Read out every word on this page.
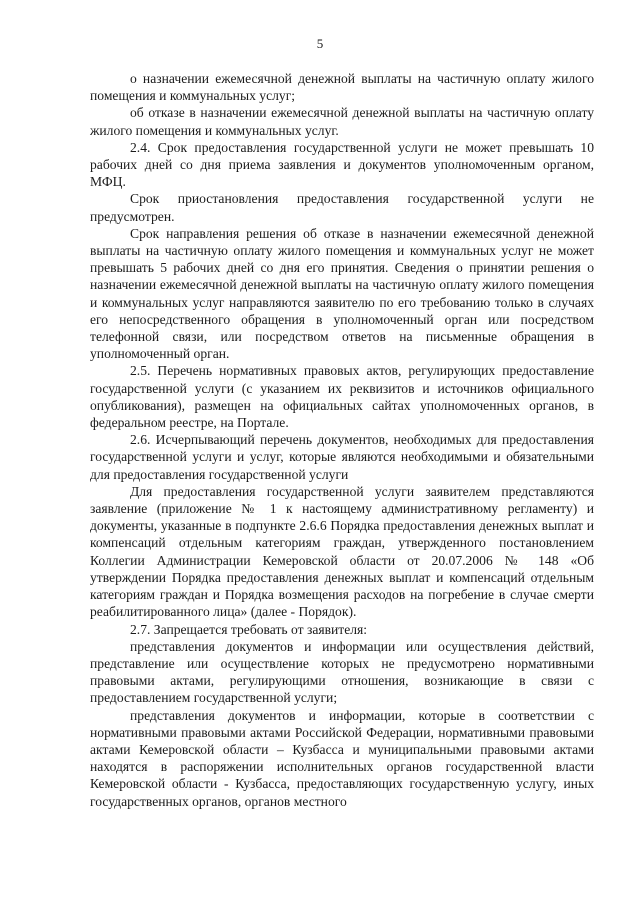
5

о назначении ежемесячной денежной выплаты на частичную оплату жилого помещения и коммунальных услуг;

об отказе в назначении ежемесячной денежной выплаты на частичную оплату жилого помещения и коммунальных услуг.

2.4. Срок предоставления государственной услуги не может превышать 10 рабочих дней со дня приема заявления и документов уполномоченным органом, МФЦ.

Срок приостановления предоставления государственной услуги не предусмотрен.

Срок направления решения об отказе в назначении ежемесячной денежной выплаты на частичную оплату жилого помещения и коммунальных услуг не может превышать 5 рабочих дней со дня его принятия. Сведения о принятии решения о назначении ежемесячной денежной выплаты на частичную оплату жилого помещения и коммунальных услуг направляются заявителю по его требованию только в случаях его непосредственного обращения в уполномоченный орган или посредством телефонной связи, или посредством ответов на письменные обращения в уполномоченный орган.

2.5. Перечень нормативных правовых актов, регулирующих предоставление государственной услуги (с указанием их реквизитов и источников официального опубликования), размещен на официальных сайтах уполномоченных органов, в федеральном реестре, на Портале.

2.6. Исчерпывающий перечень документов, необходимых для предоставления государственной услуги и услуг, которые являются необходимыми и обязательными для предоставления государственной услуги

Для предоставления государственной услуги заявителем представляются заявление (приложение № 1 к настоящему административному регламенту) и документы, указанные в подпункте 2.6.6 Порядка предоставления денежных выплат и компенсаций отдельным категориям граждан, утвержденного постановлением Коллегии Администрации Кемеровской области от 20.07.2006 № 148 «Об утверждении Порядка предоставления денежных выплат и компенсаций отдельным категориям граждан и Порядка возмещения расходов на погребение в случае смерти реабилитированного лица» (далее - Порядок).

2.7. Запрещается требовать от заявителя:

представления документов и информации или осуществления действий, представление или осуществление которых не предусмотрено нормативными правовыми актами, регулирующими отношения, возникающие в связи с предоставлением государственной услуги;

представления документов и информации, которые в соответствии с нормативными правовыми актами Российской Федерации, нормативными правовыми актами Кемеровской области – Кузбасса и муниципальными правовыми актами находятся в распоряжении исполнительных органов государственной власти Кемеровской области - Кузбасса, предоставляющих государственную услугу, иных государственных органов, органов местного
